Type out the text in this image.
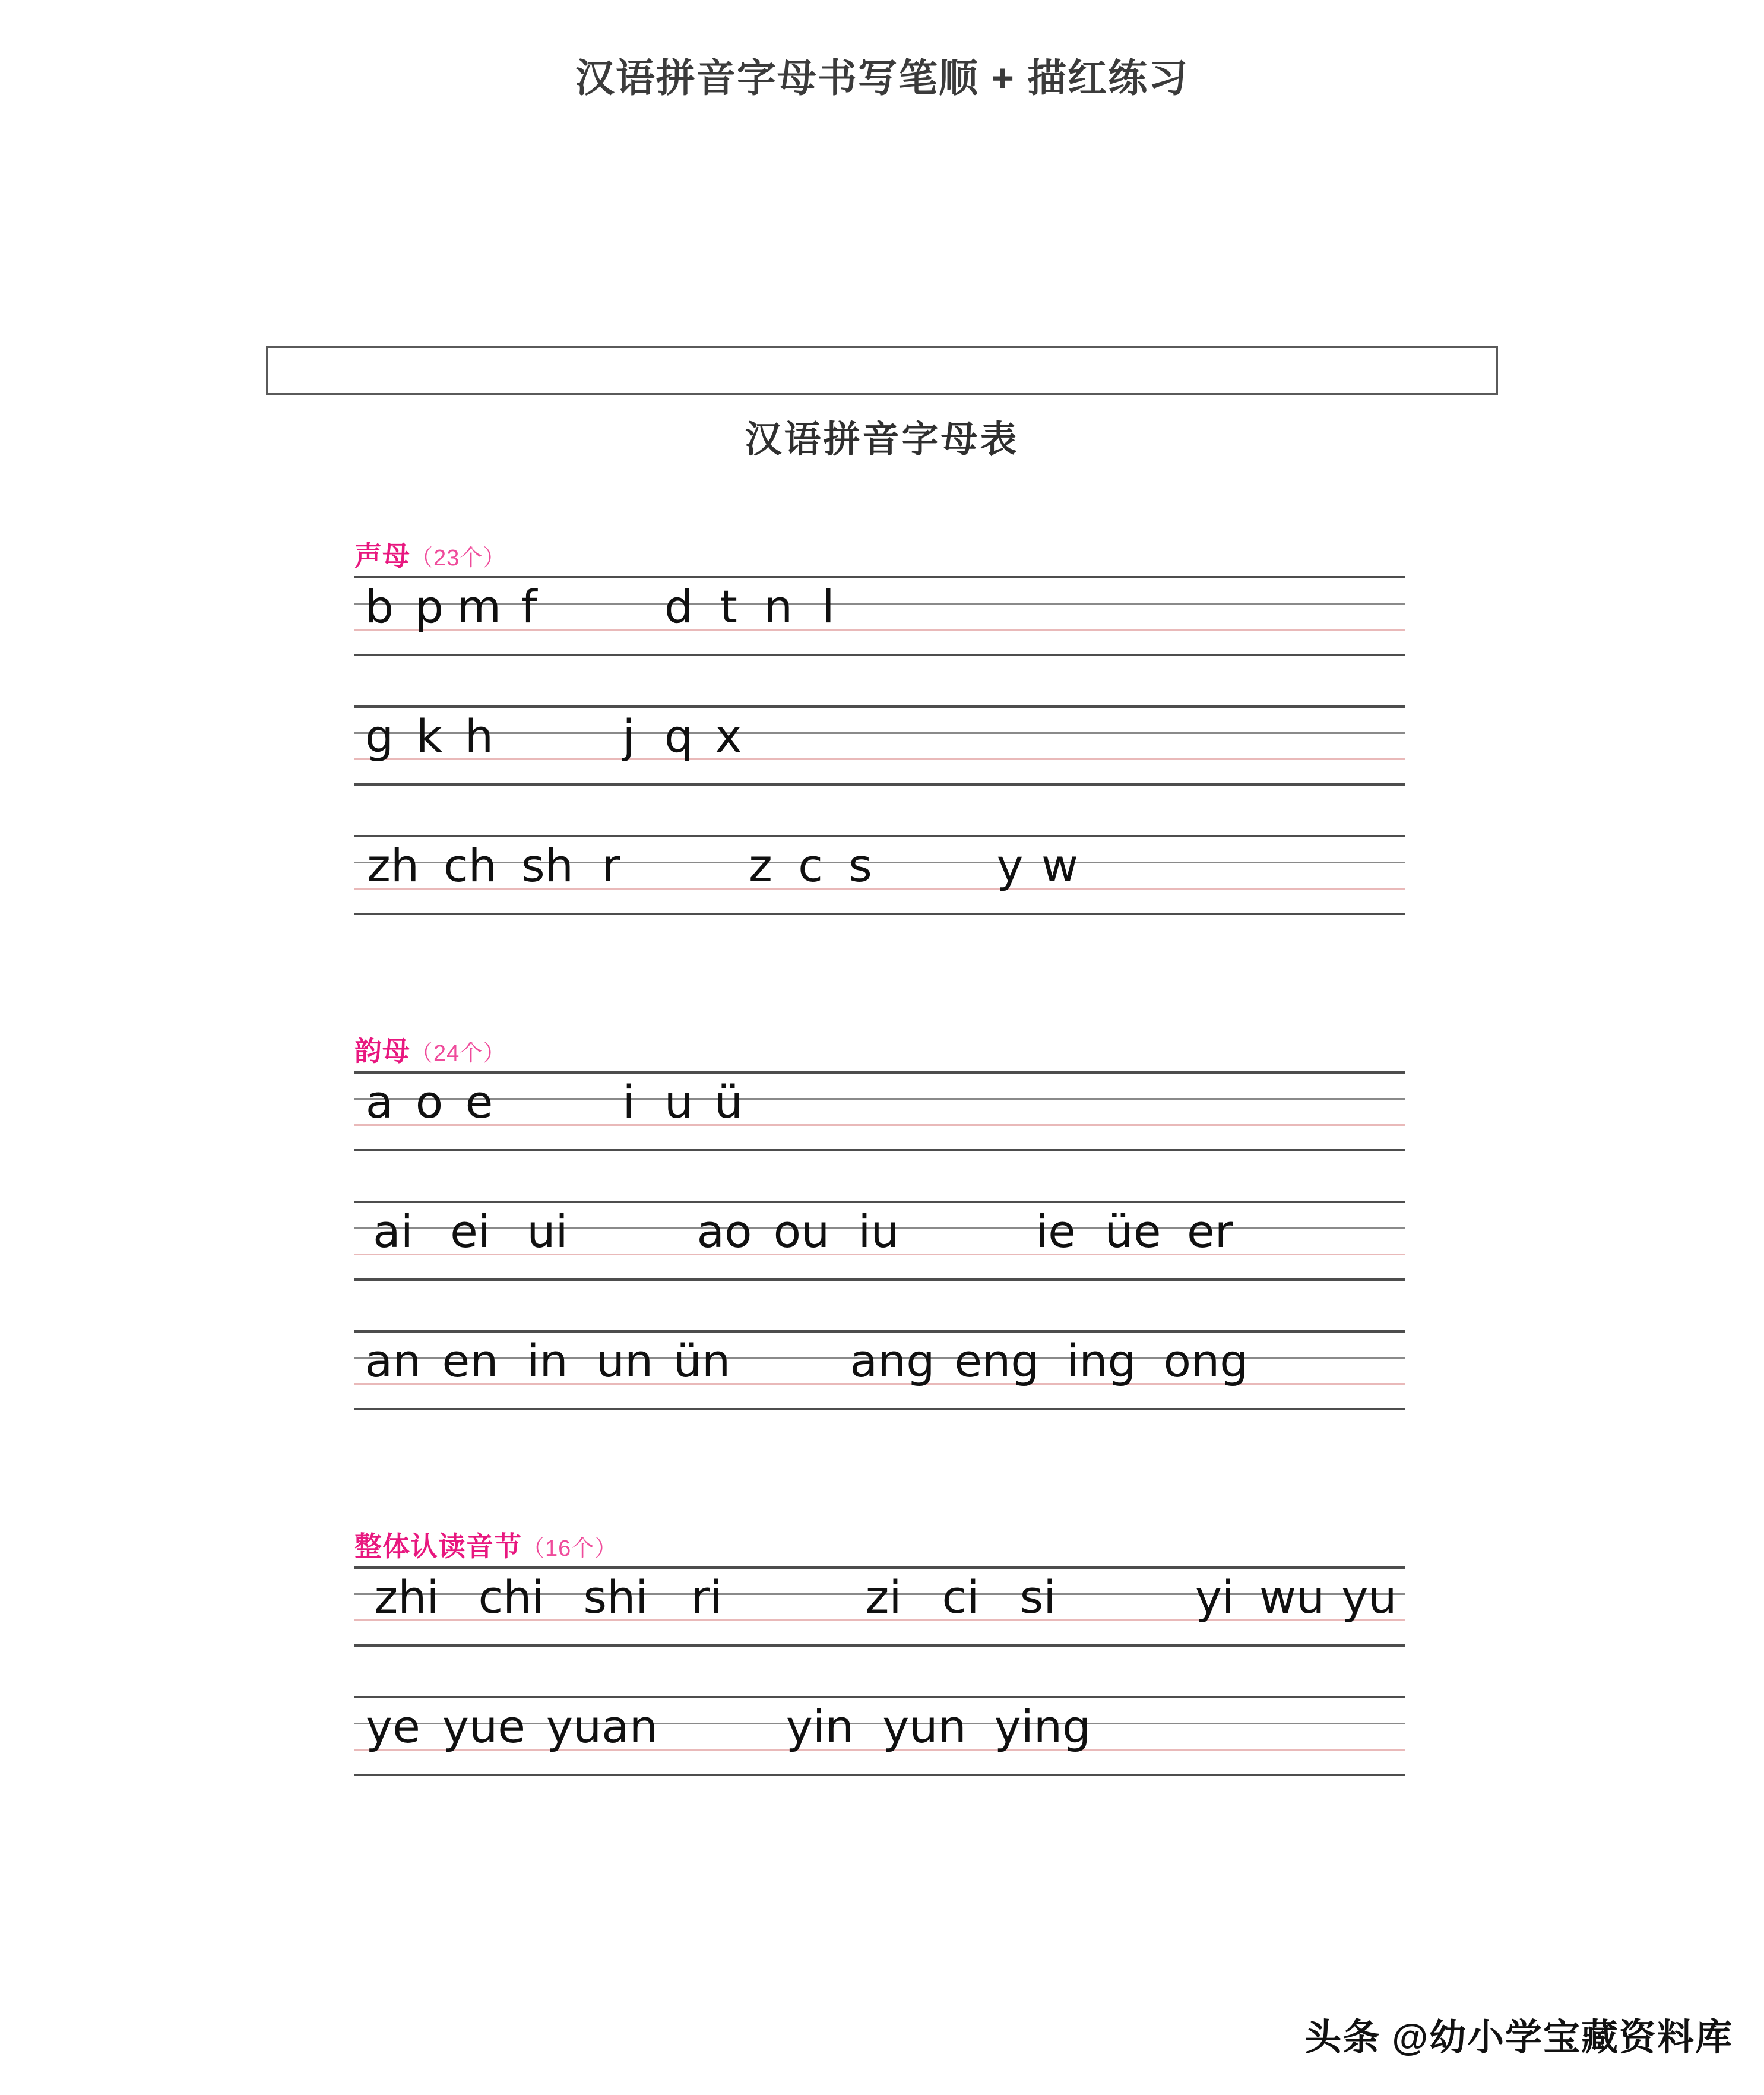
汉语拼音字母书写笔顺 + 描红练习
汉语拼音字母表
声母（23个）
b p m f	d t n l
g k h	j q x
zh ch sh r	z c s	y w
韵母（24个）
a o e	i u ü
ai ei ui	ao ou iu	ie üe er
an en in un ün	ang eng ing ong
整体认读音节（16个）
zhi chi shi ri	zi ci si	yi wu yu
ye yue yuan	yin yun ying
头条 @幼小学宝藏资料库
